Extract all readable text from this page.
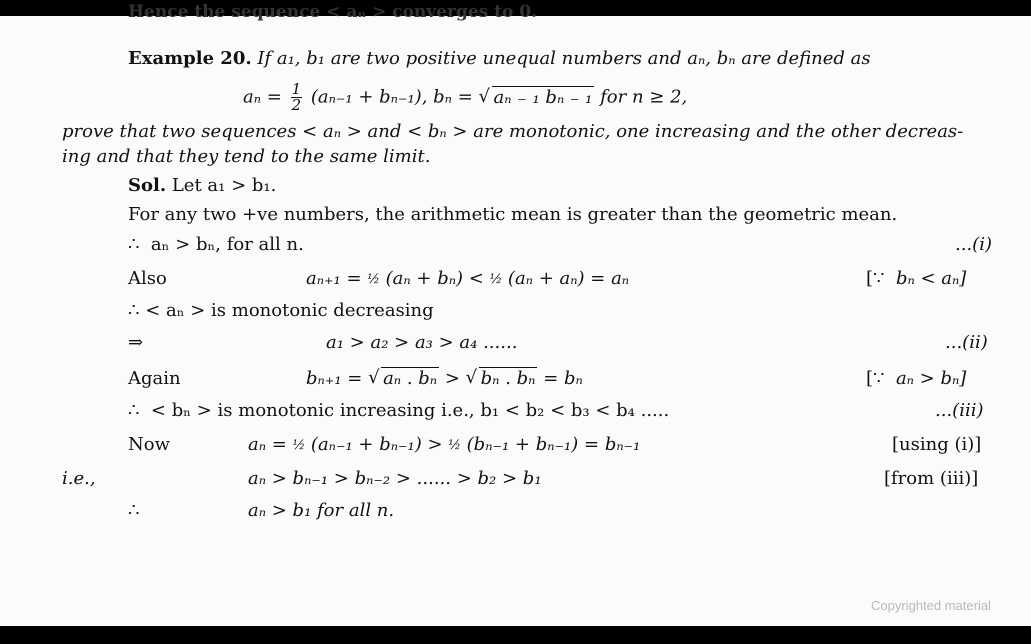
Hence the sequence < aₙ > converges to 0.
Example 20. If a₁, b₁ are two positive unequal numbers and aₙ, bₙ are defined as
$a_n = \frac{1}{2} (a_{n-1} + b_{n-1})$, bₙ = √ aₙ ₋ ₁ bₙ ₋ ₁ for n ≥ 2,
prove that two sequences < aₙ > and < bₙ > are monotonic, one increasing and the other decreas-
ing and that they tend to the same limit.
Sol. Let a₁ > b₁.
For any two +ve numbers, the arithmetic mean is greater than the geometric mean.
∴ aₙ > bₙ, for all n.	...(i)
Also	aₙ₊₁ = ½ (aₙ + bₙ) < ½ (aₙ + aₙ) = aₙ	[∵ bₙ < aₙ]
∴ < aₙ > is monotonic decreasing
⇒	a₁ > a₂ > a₃ > a₄ ......	...(ii)
Again	bₙ₊₁ = √ aₙ . bₙ > √ bₙ . bₙ = bₙ	[∵ aₙ > bₙ]
∴ < bₙ > is monotonic increasing i.e., b₁ < b₂ < b₃ < b₄ .....	...(iii)
Now	aₙ = ½ (aₙ₋₁ + bₙ₋₁) > ½ (bₙ₋₁ + bₙ₋₁) = bₙ₋₁	[using (i)]
i.e.,	aₙ > bₙ₋₁ > bₙ₋₂ > ...... > b₂ > b₁	[from (iii)]
∴	aₙ > b₁ for all n.
Copyrighted material
